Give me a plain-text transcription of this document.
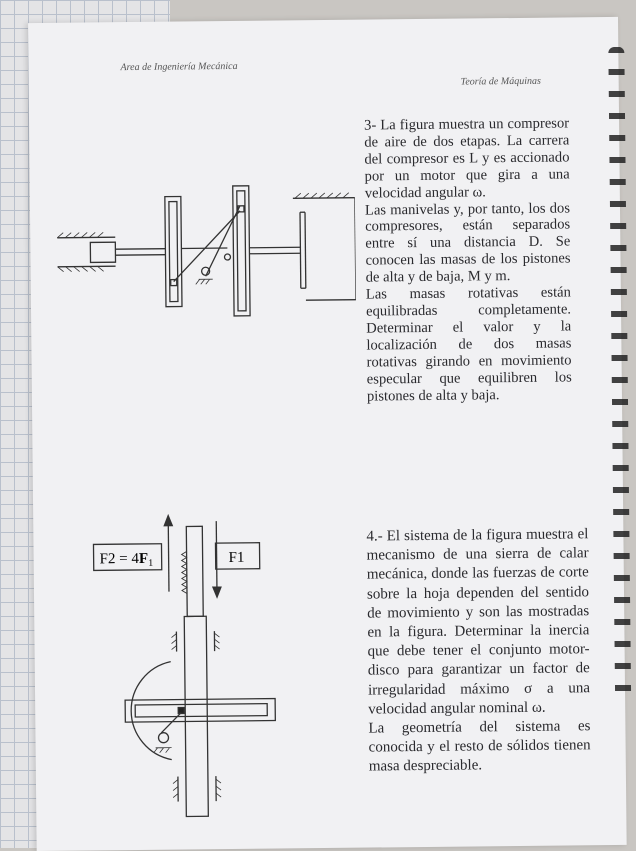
Area de Ingeniería Mecánica
Teoría de Máquinas

3- La figura muestra un compresor de aire de dos etapas. La carrera del compresor es L y es accionado por un motor que gira a una velocidad angular ω.

Las manivelas y, por tanto, los dos compresores, están separados entre sí una distancia D. Se conocen las masas de los pistones de alta y de baja, M y m.

Las masas rotativas están equilibradas completamente. Determinar el valor y la localización de dos masas rotativas girando en movimiento especular que equilibren los pistones de alta y baja.

$F2 = 4F_1$	F1

4.- El sistema de la figura muestra el mecanismo de una sierra de calar mecánica, donde las fuerzas de corte sobre la hoja dependen del sentido de movimiento y son las mostradas en la figura. Determinar la inercia que debe tener el conjunto motor-disco para garantizar un factor de irregularidad máximo σ a una velocidad angular nominal ω.

La geometría del sistema es conocida y el resto de sólidos tienen masa despreciable.
